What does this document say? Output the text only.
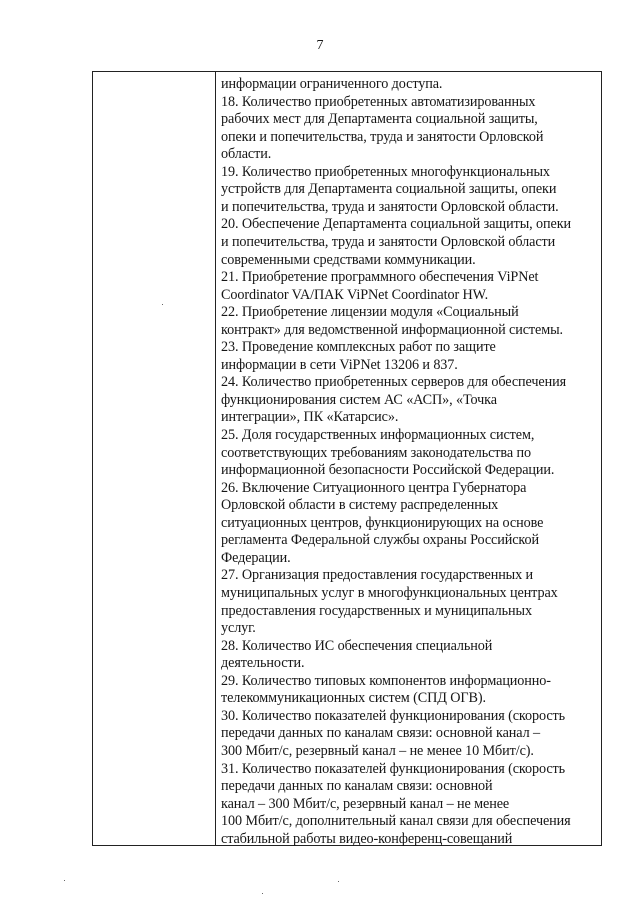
7
информации ограниченного доступа.
18. Количество приобретенных автоматизированных
рабочих мест для Департамента социальной защиты,
опеки и попечительства, труда и занятости Орловской
области.
19. Количество приобретенных многофункциональных
устройств для Департамента социальной защиты, опеки
и попечительства, труда и занятости Орловской области.
20. Обеспечение Департамента социальной защиты, опеки
и попечительства, труда и занятости Орловской области
современными средствами коммуникации.
21. Приобретение программного обеспечения ViPNet
Coordinator VA/ПАК ViPNet Coordinator HW.
22. Приобретение лицензии модуля «Социальный
контракт» для ведомственной информационной системы.
23. Проведение комплексных работ по защите
информации в сети ViPNet 13206 и 837.
24. Количество приобретенных серверов для обеспечения
функционирования систем АС «АСП», «Точка
интеграции», ПК «Катарсис».
25. Доля государственных информационных систем,
соответствующих требованиям законодательства по
информационной безопасности Российской Федерации.
26. Включение Ситуационного центра Губернатора
Орловской области в систему распределенных
ситуационных центров, функционирующих на основе
регламента Федеральной службы охраны Российской
Федерации.
27. Организация предоставления государственных и
муниципальных услуг в многофункциональных центрах
предоставления государственных и муниципальных
услуг.
28. Количество ИС обеспечения специальной
деятельности.
29. Количество типовых компонентов информационно-
телекоммуникационных систем (СПД ОГВ).
30. Количество показателей функционирования (скорость
передачи данных по каналам связи: основной канал –
300 Мбит/с, резервный канал – не менее 10 Мбит/с).
31. Количество показателей функционирования (скорость
передачи данных по каналам связи: основной
канал – 300 Мбит/с, резервный канал – не менее
100 Мбит/с, дополнительный канал связи для обеспечения
стабильной работы видео-конференц-совещаний
